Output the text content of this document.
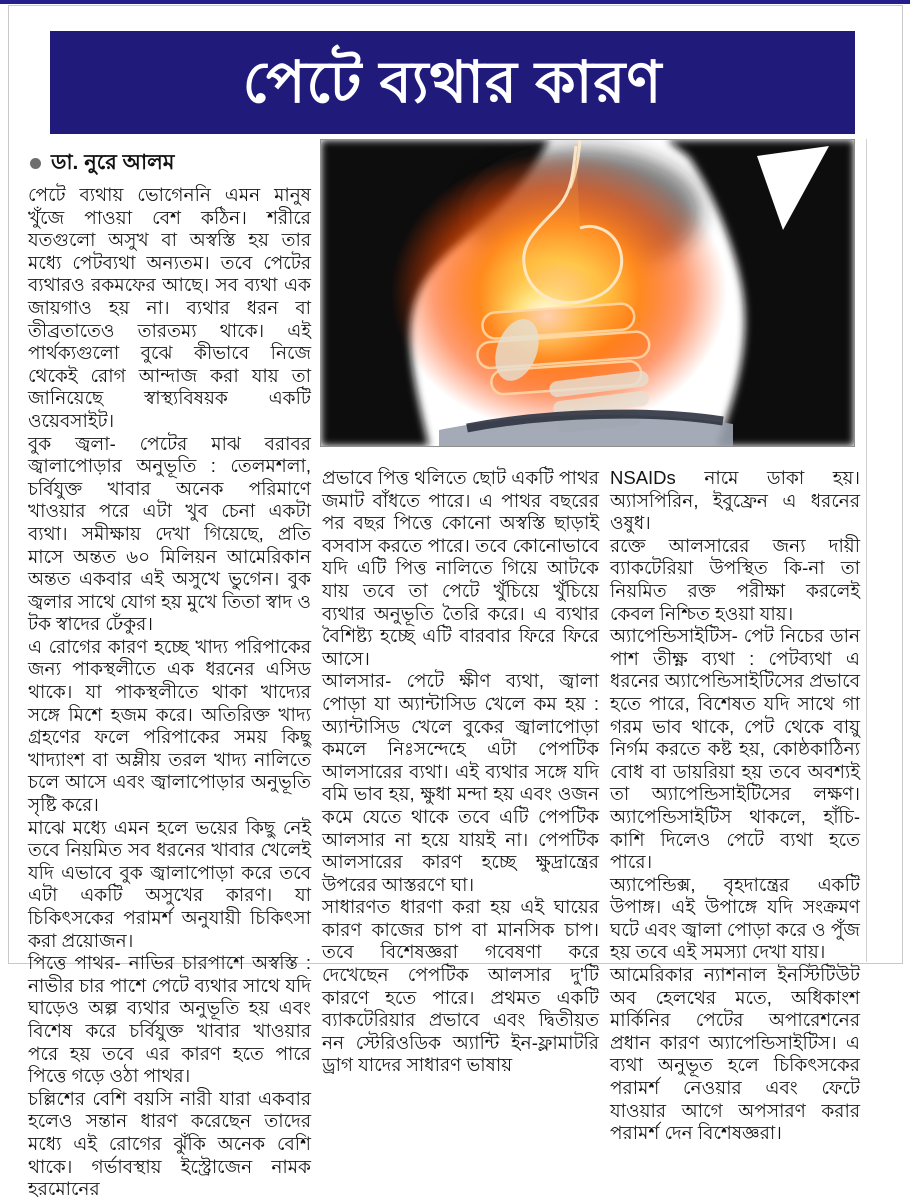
পেটে ব্যথার কারণ
ডা. নুরে আলম

পেটে ব্যথায় ভোগেননি এমন মানুষ খুঁজে পাওয়া বেশ কঠিন। শরীরে যতগুলো অসুখ বা অস্বস্তি হয় তার মধ্যে পেটব্যথা অন্যতম। তবে পেটের ব্যথারও রকমফের আছে। সব ব্যথা এক জায়গাও হয় না। ব্যথার ধরন বা তীব্রতাতেও তারতম্য থাকে। এই পার্থক্যগুলো বুঝে কীভাবে নিজে থেকেই রোগ আন্দাজ করা যায় তা জানিয়েছে স্বাস্থ্যবিষয়ক একটি ওয়েবসাইট।

বুক জ্বলা- পেটের মাঝ বরাবর জ্বালাপোড়ার অনুভূতি : তেলমশলা, চর্বিযুক্ত খাবার অনেক পরিমাণে খাওয়ার পরে এটা খুব চেনা একটা ব্যথা। সমীক্ষায় দেখা গিয়েছে, প্রতি মাসে অন্তত ৬০ মিলিয়ন আমেরিকান অন্তত একবার এই অসুখে ভুগেন। বুক জ্বলার সাথে যোগ হয় মুখে তিতা স্বাদ ও টক স্বাদের ঢেঁকুর।

এ রোগের কারণ হচ্ছে খাদ্য পরিপাকের জন্য পাকস্থলীতে এক ধরনের এসিড থাকে। যা পাকস্থলীতে থাকা খাদ্যের সঙ্গে মিশে হজম করে। অতিরিক্ত খাদ্য গ্রহণের ফলে পরিপাকের সময় কিছু খাদ্যাংশ বা অম্লীয় তরল খাদ্য নালিতে চলে আসে এবং জ্বালাপোড়ার অনুভূতি সৃষ্টি করে।

মাঝে মধ্যে এমন হলে ভয়ের কিছু নেই তবে নিয়মিত সব ধরনের খাবার খেলেই যদি এভাবে বুক জ্বালাপোড়া করে তবে এটা একটি অসুখের কারণ। যা চিকিৎসকের পরামর্শ অনুযায়ী চিকিৎসা করা প্রয়োজন।

পিত্তে পাথর- নাভির চারপাশে অস্বস্তি : নাভীর চার পাশে পেটে ব্যথার সাথে যদি ঘাড়েও অল্প ব্যথার অনুভূতি হয় এবং বিশেষ করে চর্বিযুক্ত খাবার খাওয়ার পরে হয় তবে এর কারণ হতে পারে পিত্তে গড়ে ওঠা পাথর।

চল্লিশের বেশি বয়সি নারী যারা একবার হলেও সন্তান ধারণ করেছেন তাদের মধ্যে এই রোগের ঝুঁকি অনেক বেশি থাকে। গর্ভাবস্থায় ইস্ট্রোজেন নামক হরমোনের

প্রভাবে পিত্ত থলিতে ছোট একটি পাথর জমাট বাঁধতে পারে। এ পাথর বছরের পর বছর পিত্তে কোনো অস্বস্তি ছাড়াই বসবাস করতে পারে। তবে কোনোভাবে যদি এটি পিত্ত নালিতে গিয়ে আটকে যায় তবে তা পেটে খুঁচিয়ে খুঁচিয়ে ব্যথার অনুভূতি তৈরি করে। এ ব্যথার বৈশিষ্ট্য হচ্ছে এটি বারবার ফিরে ফিরে আসে।

আলসার- পেটে ক্ষীণ ব্যথা, জ্বালা পোড়া যা অ্যান্টাসিড খেলে কম হয় : অ্যান্টাসিড খেলে বুকের জ্বালাপোড়া কমলে নিঃসন্দেহে এটা পেপটিক আলসারের ব্যথা। এই ব্যথার সঙ্গে যদি বমি ভাব হয়, ক্ষুধা মন্দা হয় এবং ওজন কমে যেতে থাকে তবে এটি পেপটিক আলসার না হয়ে যায়ই না। পেপটিক আলসারের কারণ হচ্ছে ক্ষুদ্রান্ত্রের উপরের আস্তরণে ঘা।

সাধারণত ধারণা করা হয় এই ঘায়ের কারণ কাজের চাপ বা মানসিক চাপ। তবে বিশেষজ্ঞরা গবেষণা করে দেখেছেন পেপটিক আলসার দু'টি কারণে হতে পারে। প্রথমত একটি ব্যাকটেরিয়ার প্রভাবে এবং দ্বিতীয়ত নন স্টেরিওডিক অ্যান্টি ইন-ফ্লামাটরি ড্রাগ যাদের সাধারণ ভাষায়

NSAIDs নামে ডাকা হয়। অ্যাসপিরিন, ইবুফ্রেন এ ধরনের ওষুধ।

রক্তে আলসারের জন্য দায়ী ব্যাকটেরিয়া উপস্থিত কি-না তা নিয়মিত রক্ত পরীক্ষা করলেই কেবল নিশ্চিত হওয়া যায়।

অ্যাপেন্ডিসাইটিস- পেট নিচের ডান পাশ তীক্ষ্ণ ব্যথা : পেটব্যথা এ ধরনের অ্যাপেন্ডিসাইটিসের প্রভাবে হতে পারে, বিশেষত যদি সাথে গা গরম ভাব থাকে, পেট থেকে বায়ু নির্গম করতে কষ্ট হয়, কোষ্ঠকাঠিন্য বোধ বা ডায়রিয়া হয় তবে অবশ্যই তা অ্যাপেন্ডিসাইটিসের লক্ষণ। অ্যাপেন্ডিসাইটিস থাকলে, হাঁচি-কাশি দিলেও পেটে ব্যথা হতে পারে।

অ্যাপেন্ডিক্স, বৃহদান্ত্রের একটি উপাঙ্গ। এই উপাঙ্গে যদি সংক্রমণ ঘটে এবং জ্বালা পোড়া করে ও পুঁজ হয় তবে এই সমস্যা দেখা যায়।

আমেরিকার ন্যাশনাল ইনস্টিটিউট অব হেলথের মতে, অধিকাংশ মার্কিনির পেটের অপারেশনের প্রধান কারণ অ্যাপেন্ডিসাইটিস। এ ব্যথা অনুভূত হলে চিকিৎসকের পরামর্শ নেওয়ার এবং ফেটে যাওয়ার আগে অপসারণ করার পরামর্শ দেন বিশেষজ্ঞরা।
